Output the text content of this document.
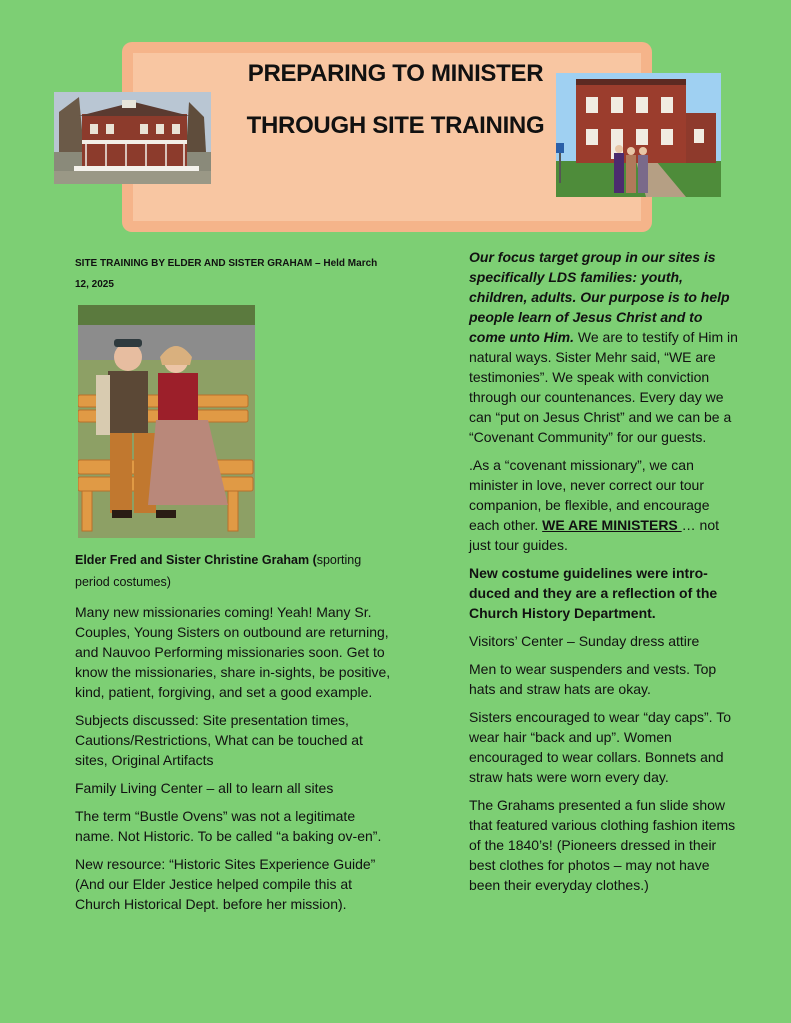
PREPARING TO MINISTER
THROUGH SITE TRAINING
SITE TRAINING BY ELDER AND SISTER GRAHAM – Held March
12, 2025
Elder Fred and Sister Christine Graham (sporting
period costumes)

Many new missionaries coming! Yeah! Many Sr. Couples, Young Sisters on outbound are returning, and Nauvoo Performing missionaries soon. Get to know the missionaries, share in-sights, be positive, kind, patient, forgiving, and set a good example.

Subjects discussed: Site presentation times, Cautions/Restrictions, What can be touched at sites, Original Artifacts

Family Living Center – all to learn all sites

The term “Bustle Ovens” was not a legitimate name. Not Historic. To be called “a baking ov-en”.

New resource: “Historic Sites Experience Guide” (And our Elder Jestice helped compile this at Church Historical Dept. before her mission).

Our focus target group in our sites is specifically LDS families: youth, children, adults. Our purpose is to help people learn of Jesus Christ and to come unto Him. We are to testify of Him in natural ways. Sister Mehr said, “WE are testimonies”. We speak with conviction through our countenances. Every day we can “put on Jesus Christ” and we can be a “Covenant Community” for our guests.

.As a “covenant missionary”, we can minister in love, never correct our tour companion, be flexible, and encourage each other. WE ARE MINISTERS … not just tour guides.

New costume guidelines were intro-duced and they are a reflection of the Church History Department.

Visitors’ Center – Sunday dress attire

Men to wear suspenders and vests. Top hats and straw hats are okay.

Sisters encouraged to wear “day caps”. To wear hair “back and up”. Women encouraged to wear collars. Bonnets and straw hats were worn every day.

The Grahams presented a fun slide show that featured various clothing fashion items of the 1840’s! (Pioneers dressed in their best clothes for photos – may not have been their everyday clothes.)
